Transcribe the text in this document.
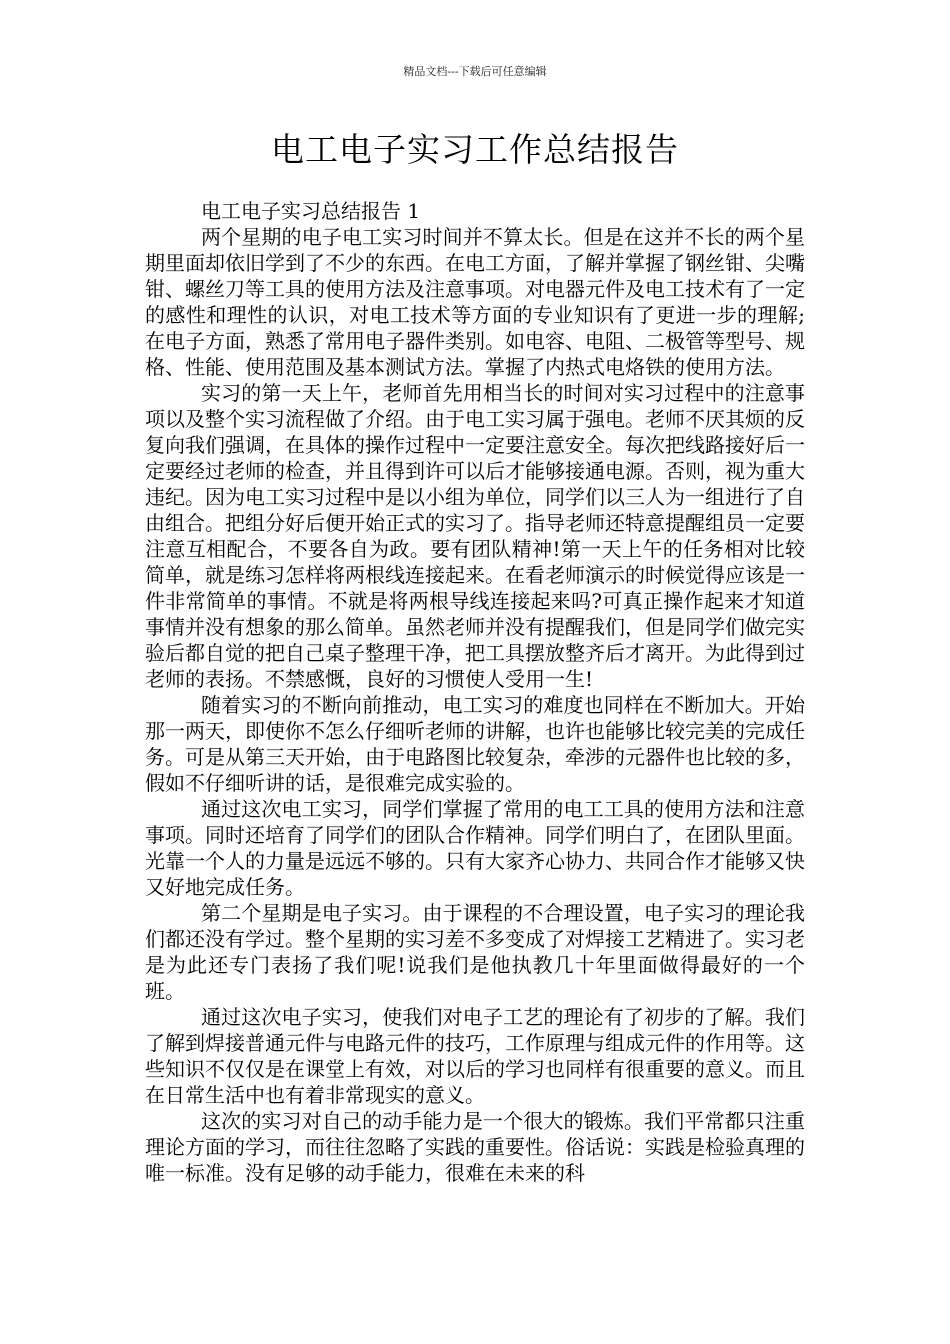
精品文档---下载后可任意编辑
电工电子实习工作总结报告

电工电子实习总结报告 1

两个星期的电子电工实习时间并不算太长。但是在这并不长的两个星期里面却依旧学到了不少的东西。在电工方面，了解并掌握了钢丝钳、尖嘴钳、螺丝刀等工具的使用方法及注意事项。对电器元件及电工技术有了一定的感性和理性的认识，对电工技术等方面的专业知识有了更进一步的理解;在电子方面，熟悉了常用电子器件类别。如电容、电阻、二极管等型号、规格、性能、使用范围及基本测试方法。掌握了内热式电烙铁的使用方法。

实习的第一天上午，老师首先用相当长的时间对实习过程中的注意事项以及整个实习流程做了介绍。由于电工实习属于强电。老师不厌其烦的反复向我们强调，在具体的操作过程中一定要注意安全。每次把线路接好后一定要经过老师的检查，并且得到许可以后才能够接通电源。否则，视为重大违纪。因为电工实习过程中是以小组为单位，同学们以三人为一组进行了自由组合。把组分好后便开始正式的实习了。指导老师还特意提醒组员一定要注意互相配合，不要各自为政。要有团队精神!第一天上午的任务相对比较简单，就是练习怎样将两根线连接起来。在看老师演示的时候觉得应该是一件非常简单的事情。不就是将两根导线连接起来吗?可真正操作起来才知道事情并没有想象的那么简单。虽然老师并没有提醒我们，但是同学们做完实验后都自觉的把自己桌子整理干净，把工具摆放整齐后才离开。为此得到过老师的表扬。不禁感慨，良好的习惯使人受用一生!

随着实习的不断向前推动，电工实习的难度也同样在不断加大。开始那一两天，即使你不怎么仔细听老师的讲解，也许也能够比较完美的完成任务。可是从第三天开始，由于电路图比较复杂，牵涉的元器件也比较的多，假如不仔细听讲的话，是很难完成实验的。

通过这次电工实习，同学们掌握了常用的电工工具的使用方法和注意事项。同时还培育了同学们的团队合作精神。同学们明白了，在团队里面。光靠一个人的力量是远远不够的。只有大家齐心协力、共同合作才能够又快又好地完成任务。

第二个星期是电子实习。由于课程的不合理设置，电子实习的理论我们都还没有学过。整个星期的实习差不多变成了对焊接工艺精进了。实习老是为此还专门表扬了我们呢!说我们是他执教几十年里面做得最好的一个班。

通过这次电子实习，使我们对电子工艺的理论有了初步的了解。我们了解到焊接普通元件与电路元件的技巧，工作原理与组成元件的作用等。这些知识不仅仅是在课堂上有效，对以后的学习也同样有很重要的意义。而且在日常生活中也有着非常现实的意义。

这次的实习对自己的动手能力是一个很大的锻炼。我们平常都只注重理论方面的学习，而往往忽略了实践的重要性。俗话说：实践是检验真理的唯一标准。没有足够的动手能力，很难在未来的科
